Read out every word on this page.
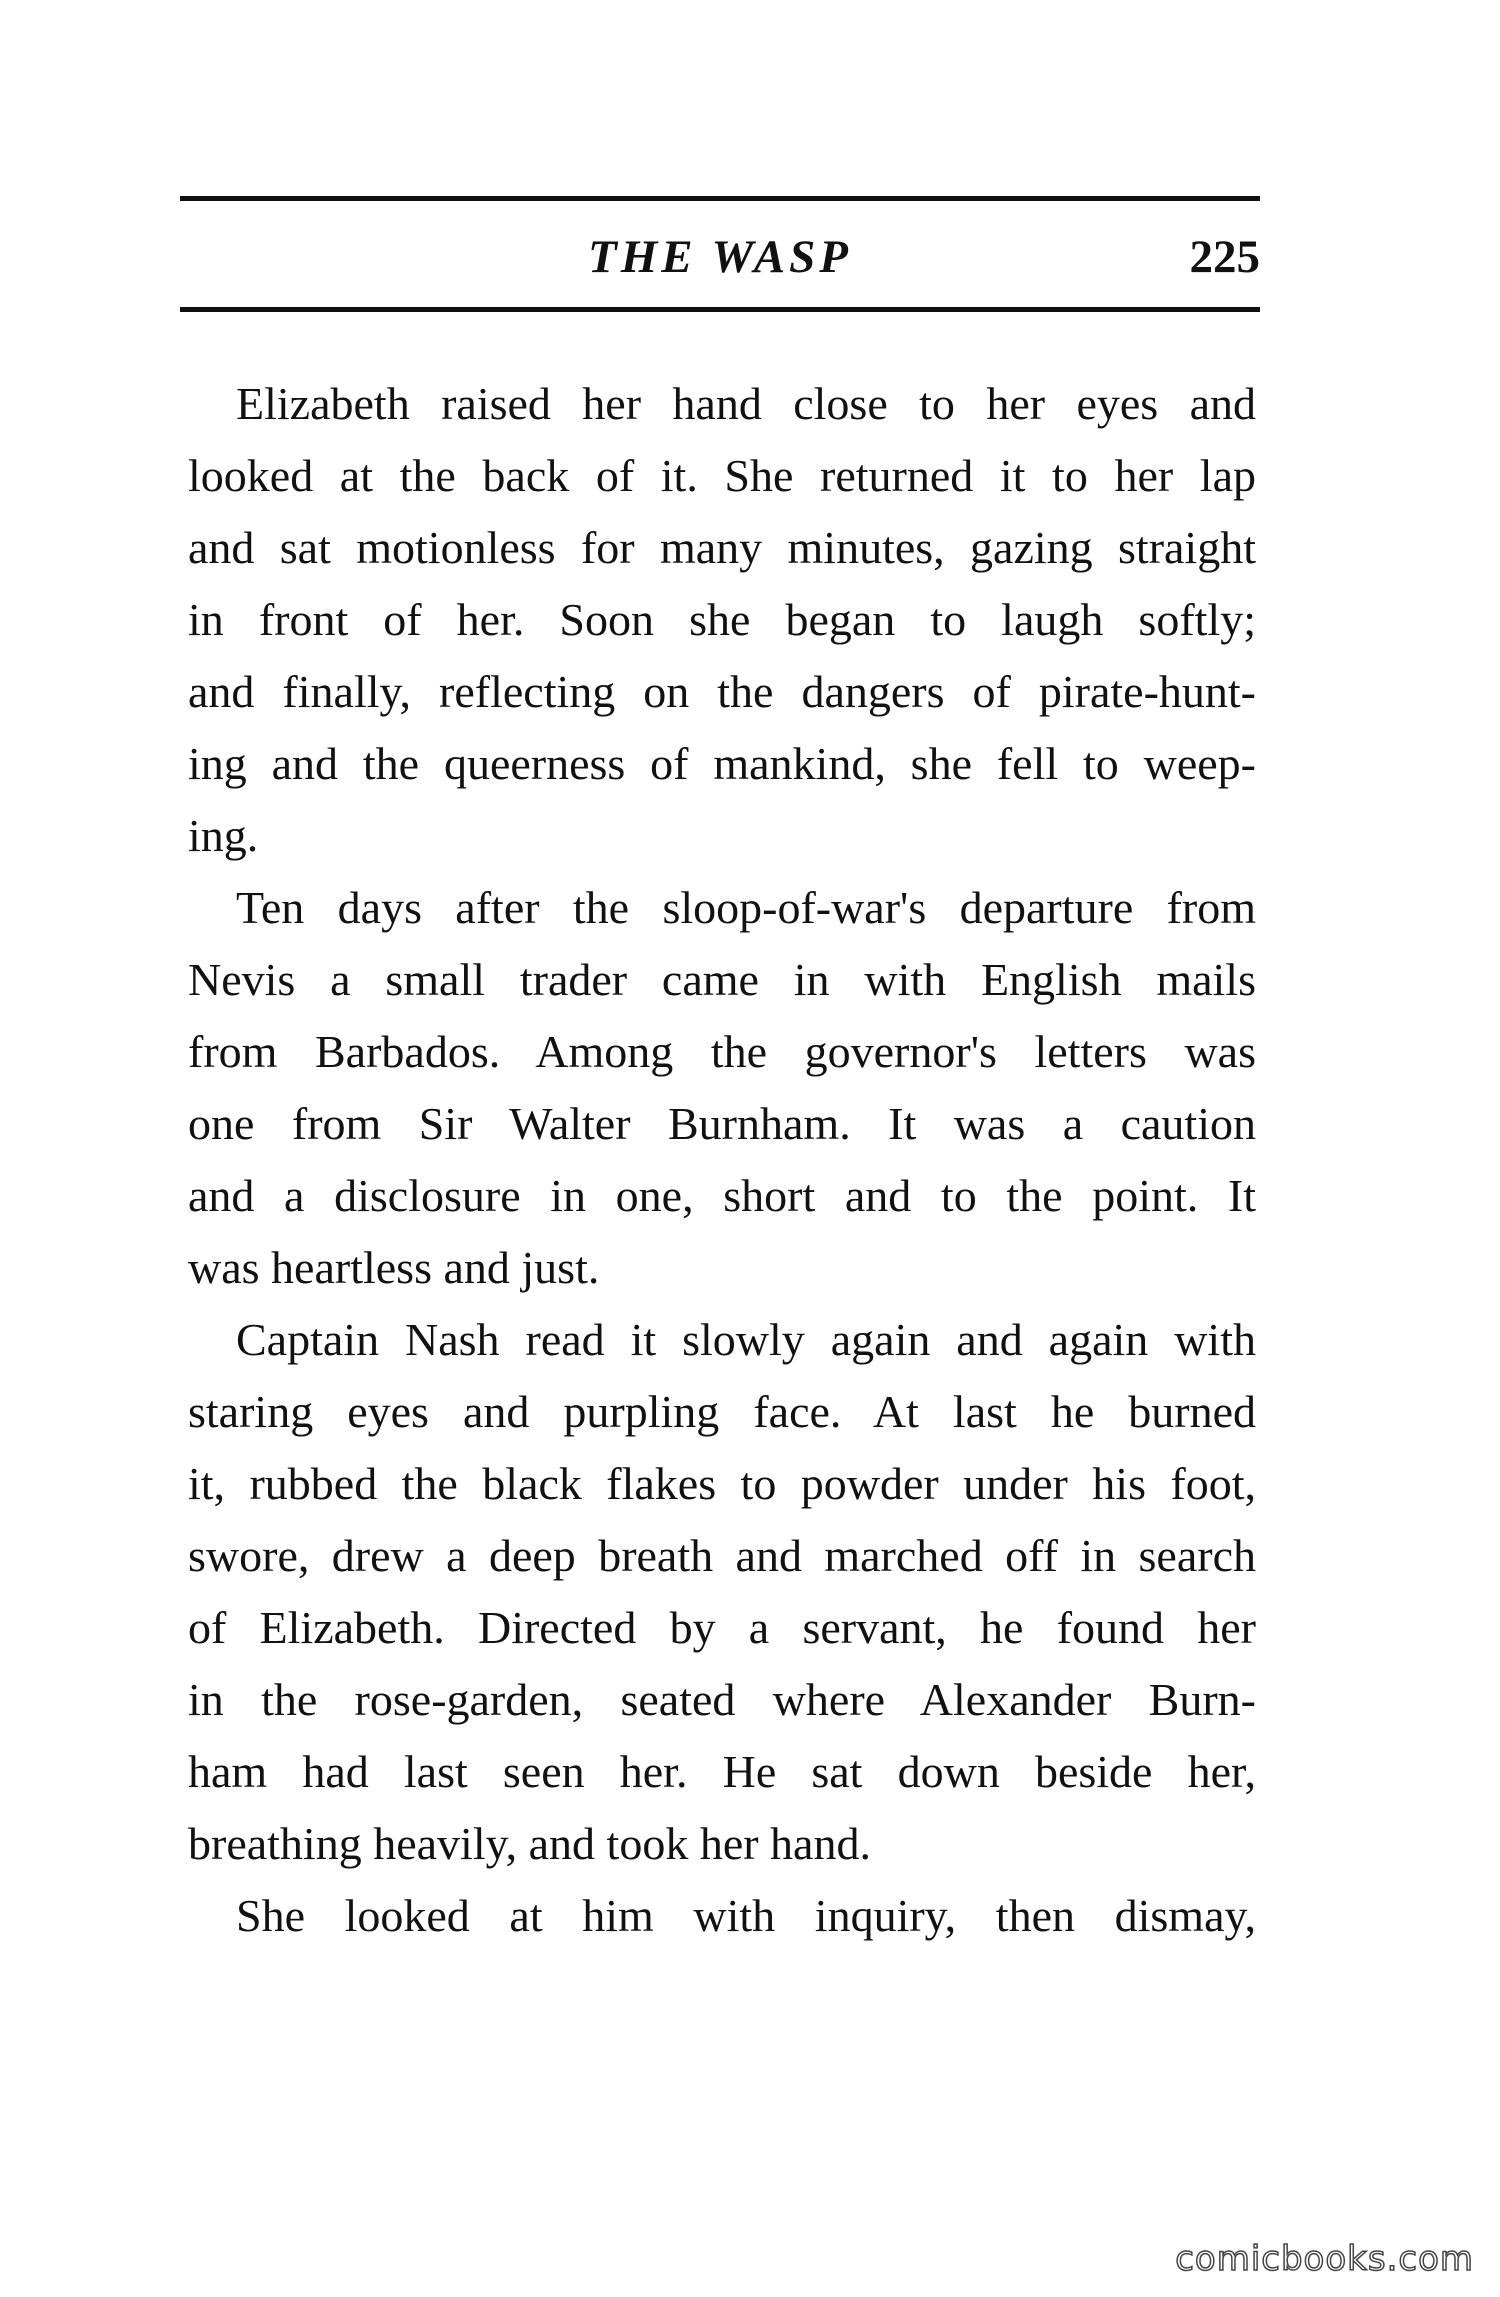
THE WASP	225
Elizabeth raised her hand close to her eyes and
looked at the back of it. She returned it to her lap
and sat motionless for many minutes, gazing straight
in front of her. Soon she began to laugh softly;
and finally, reflecting on the dangers of pirate-hunt-
ing and the queerness of mankind, she fell to weep-
ing.
Ten days after the sloop-of-war's departure from
Nevis a small trader came in with English mails
from Barbados. Among the governor's letters was
one from Sir Walter Burnham. It was a caution
and a disclosure in one, short and to the point. It
was heartless and just.
Captain Nash read it slowly again and again with
staring eyes and purpling face. At last he burned
it, rubbed the black flakes to powder under his foot,
swore, drew a deep breath and marched off in search
of Elizabeth. Directed by a servant, he found her
in the rose-garden, seated where Alexander Burn-
ham had last seen her. He sat down beside her,
breathing heavily, and took her hand.
She looked at him with inquiry, then dismay,
comicbooks.com
